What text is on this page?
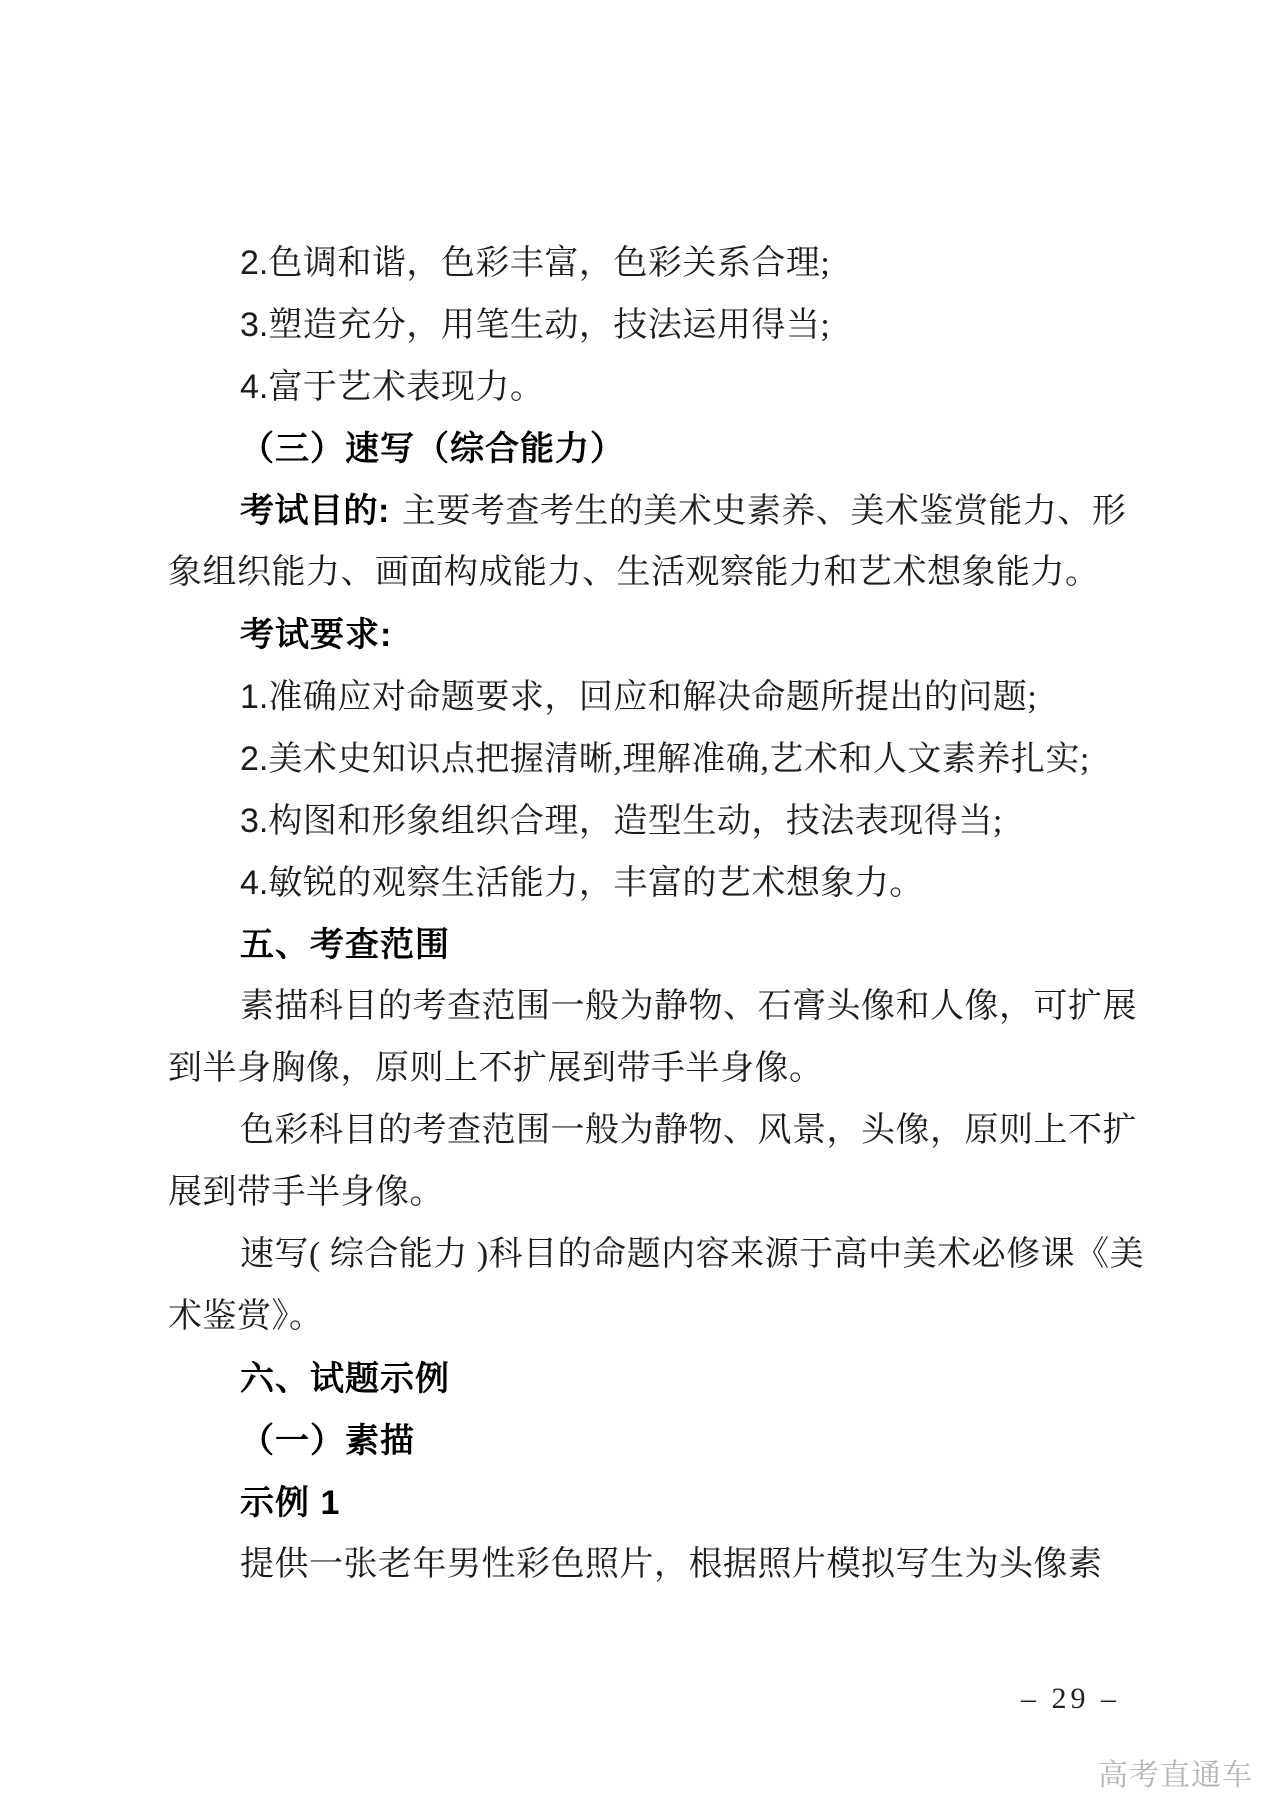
2.色调和谐，色彩丰富，色彩关系合理;
3.塑造充分，用笔生动，技法运用得当;
4.富于艺术表现力。
（三）速写（综合能力）
考试目的: 主要考查考生的美术史素养、美术鉴赏能力、形
象组织能力、画面构成能力、生活观察能力和艺术想象能力。
考试要求:
1.准确应对命题要求，回应和解决命题所提出的问题;
2.美术史知识点把握清晰,理解准确,艺术和人文素养扎实;
3.构图和形象组织合理，造型生动，技法表现得当;
4.敏锐的观察生活能力，丰富的艺术想象力。
五、考查范围
素描科目的考查范围一般为静物、石膏头像和人像，可扩展
到半身胸像，原则上不扩展到带手半身像。
色彩科目的考查范围一般为静物、风景，头像，原则上不扩
展到带手半身像。
速写( 综合能力 )科目的命题内容来源于高中美术必修课《美
术鉴赏》。
六、试题示例
（一）素描
示例 1
提供一张老年男性彩色照片，根据照片模拟写生为头像素
– 29 –
高考直通车
